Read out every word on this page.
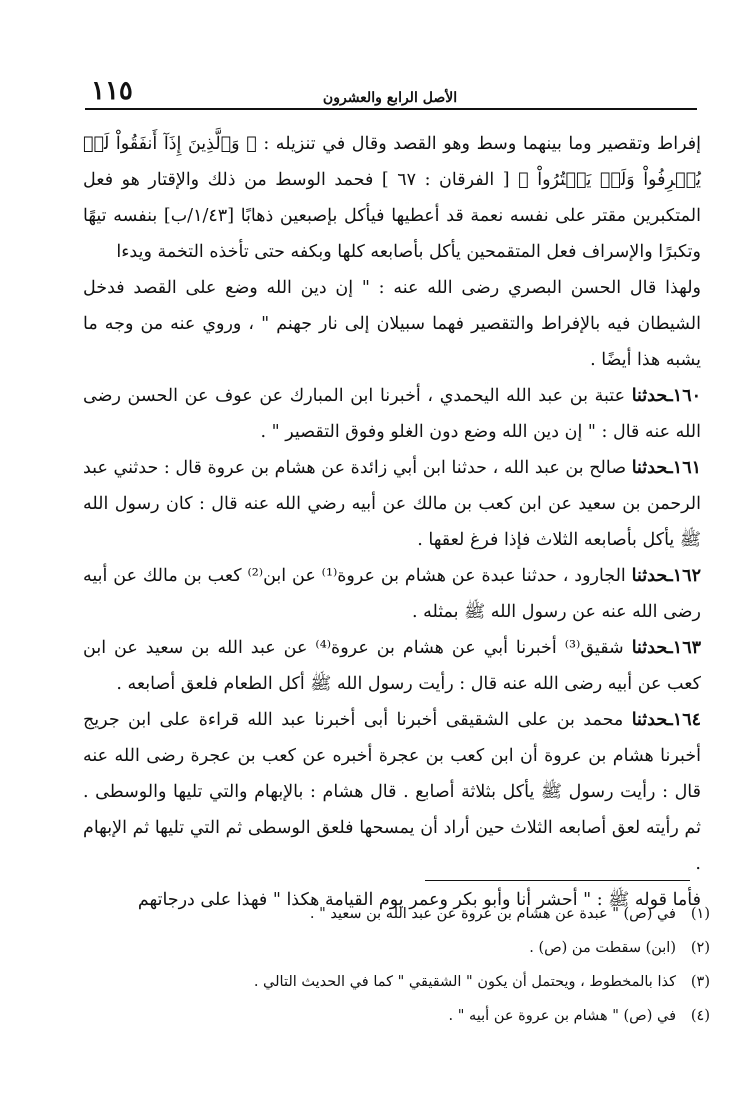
١١٥	الأصل الرابع والعشرون

إفراط وتقصير وما بينهما وسط وهو القصد وقال في تنزيله : ﴿ وَٱلَّذِينَ إِذَآ أَنفَقُواْ لَمۡ يُسۡرِفُواْ وَلَمۡ يَقۡتُرُواْ ﴾ [ الفرقان : ٦٧ ] فحمد الوسط من ذلك والإقتار هو فعل المتكبرين مقتر على نفسه نعمة قد أعطيها فيأكل بإصبعين ذهابًا [١/٤٣/ب] بنفسه تيهًا وتكبرًا والإسراف فعل المتقمحين يأكل بأصابعه كلها وبكفه حتى تأخذه التخمة ويدءا

ولهذا قال الحسن البصري رضى الله عنه : " إن دين الله وضع على القصد فدخل الشيطان فيه بالإفراط والتقصير فهما سبيلان إلى نار جهنم " ، وروي عنه من وجه ما يشبه هذا أيضًا .

١٦٠ـحدثنا عتبة بن عبد الله اليحمدي ، أخبرنا ابن المبارك عن عوف عن الحسن رضى الله عنه قال : " إن دين الله وضع دون الغلو وفوق التقصير " .

١٦١ـحدثنا صالح بن عبد الله ، حدثنا ابن أبي زائدة عن هشام بن عروة قال : حدثني عبد الرحمن بن سعيد عن ابن كعب بن مالك عن أبيه رضي الله عنه قال : كان رسول الله ﷺ يأكل بأصابعه الثلاث فإذا فرغ لعقها .

١٦٢ـحدثنا الجارود ، حدثنا عبدة عن هشام بن عروة⁽¹⁾ عن ابن⁽²⁾ كعب بن مالك عن أبيه رضى الله عنه عن رسول الله ﷺ بمثله .

١٦٣ـحدثنا شقيق⁽³⁾ أخبرنا أبي عن هشام بن عروة⁽⁴⁾ عن عبد الله بن سعيد عن ابن كعب عن أبيه رضى الله عنه قال : رأيت رسول الله ﷺ أكل الطعام فلعق أصابعه .

١٦٤ـحدثنا محمد بن على الشقيقى أخبرنا أبى أخبرنا عبد الله قراءة على ابن جريج أخبرنا هشام بن عروة أن ابن كعب بن عجرة أخبره عن كعب بن عجرة رضى الله عنه قال : رأيت رسول ﷺ يأكل بثلاثة أصابع . قال هشام : بالإبهام والتي تليها والوسطى . ثم رأيته لعق أصابعه الثلاث حين أراد أن يمسحها فلعق الوسطى ثم التي تليها ثم الإبهام .

فأما قوله ﷺ : " أحشر أنا وأبو بكر وعمر يوم القيامة هكذا " فهذا على درجاتهم

(١)في (ص) " عبدة عن هشام بن عروة عن عبد الله بن سعيد " .

(٢)(ابن) سقطت من (ص) .

(٣)كذا بالمخطوط ، ويحتمل أن يكون " الشقيقي " كما في الحديث التالي .

(٤)في (ص) " هشام بن عروة عن أبيه " .
